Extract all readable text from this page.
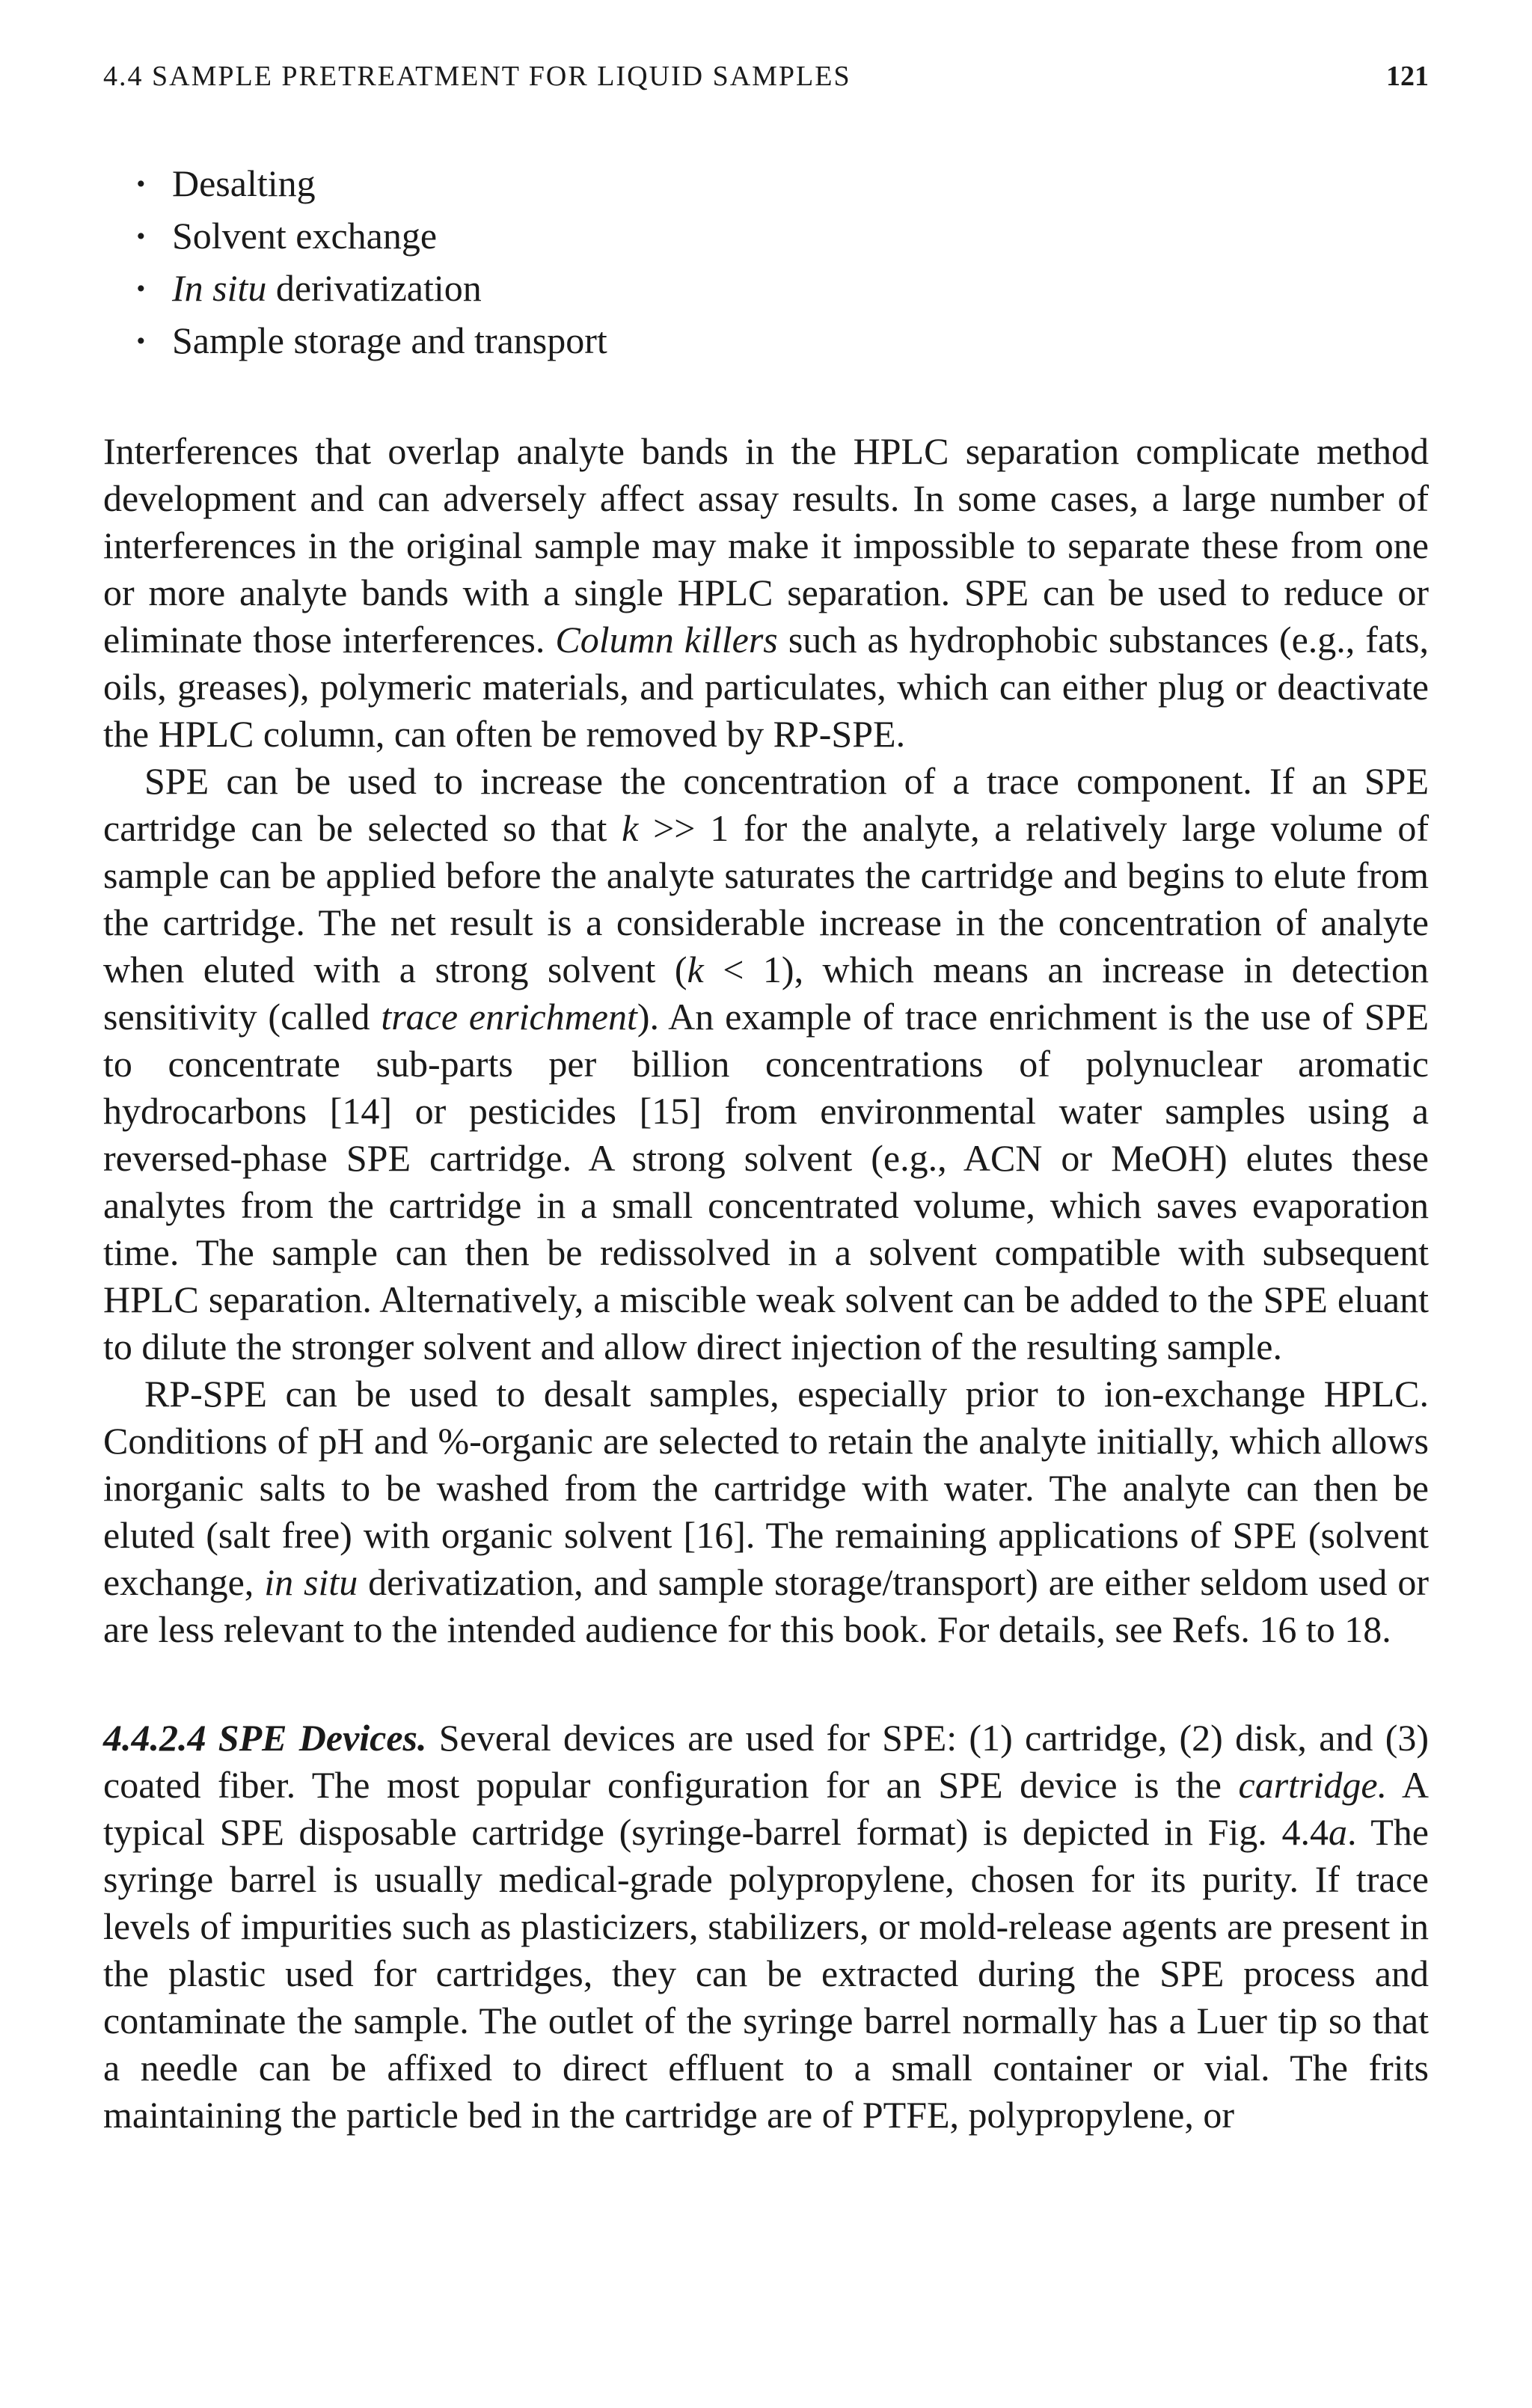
4.4 SAMPLE PRETREATMENT FOR LIQUID SAMPLES	121
· Desalting
· Solvent exchange
· In situ derivatization
· Sample storage and transport

Interferences that overlap analyte bands in the HPLC separation complicate method development and can adversely affect assay results. In some cases, a large number of interferences in the original sample may make it impossible to separate these from one or more analyte bands with a single HPLC separation. SPE can be used to reduce or eliminate those interferences. Column killers such as hydrophobic substances (e.g., fats, oils, greases), polymeric materials, and particulates, which can either plug or deactivate the HPLC column, can often be removed by RP-SPE.

SPE can be used to increase the concentration of a trace component. If an SPE cartridge can be selected so that k >> 1 for the analyte, a relatively large volume of sample can be applied before the analyte saturates the cartridge and begins to elute from the cartridge. The net result is a considerable increase in the concentration of analyte when eluted with a strong solvent (k < 1), which means an increase in detection sensitivity (called trace enrichment). An example of trace enrichment is the use of SPE to concentrate sub-parts per billion concentrations of polynuclear aromatic hydrocarbons [14] or pesticides [15] from environmental water samples using a reversed-phase SPE cartridge. A strong solvent (e.g., ACN or MeOH) elutes these analytes from the cartridge in a small concentrated volume, which saves evaporation time. The sample can then be redissolved in a solvent compatible with subsequent HPLC separation. Alternatively, a miscible weak solvent can be added to the SPE eluant to dilute the stronger solvent and allow direct injection of the resulting sample.

RP-SPE can be used to desalt samples, especially prior to ion-exchange HPLC. Conditions of pH and %-organic are selected to retain the analyte initially, which allows inorganic salts to be washed from the cartridge with water. The analyte can then be eluted (salt free) with organic solvent [16]. The remaining applications of SPE (solvent exchange, in situ derivatization, and sample storage/transport) are either seldom used or are less relevant to the intended audience for this book. For details, see Refs. 16 to 18.

4.4.2.4 SPE Devices. Several devices are used for SPE: (1) cartridge, (2) disk, and (3) coated fiber. The most popular configuration for an SPE device is the cartridge. A typical SPE disposable cartridge (syringe-barrel format) is depicted in Fig. 4.4a. The syringe barrel is usually medical-grade polypropylene, chosen for its purity. If trace levels of impurities such as plasticizers, stabilizers, or mold-release agents are present in the plastic used for cartridges, they can be extracted during the SPE process and contaminate the sample. The outlet of the syringe barrel normally has a Luer tip so that a needle can be affixed to direct effluent to a small container or vial. The frits maintaining the particle bed in the cartridge are of PTFE, polypropylene, or
